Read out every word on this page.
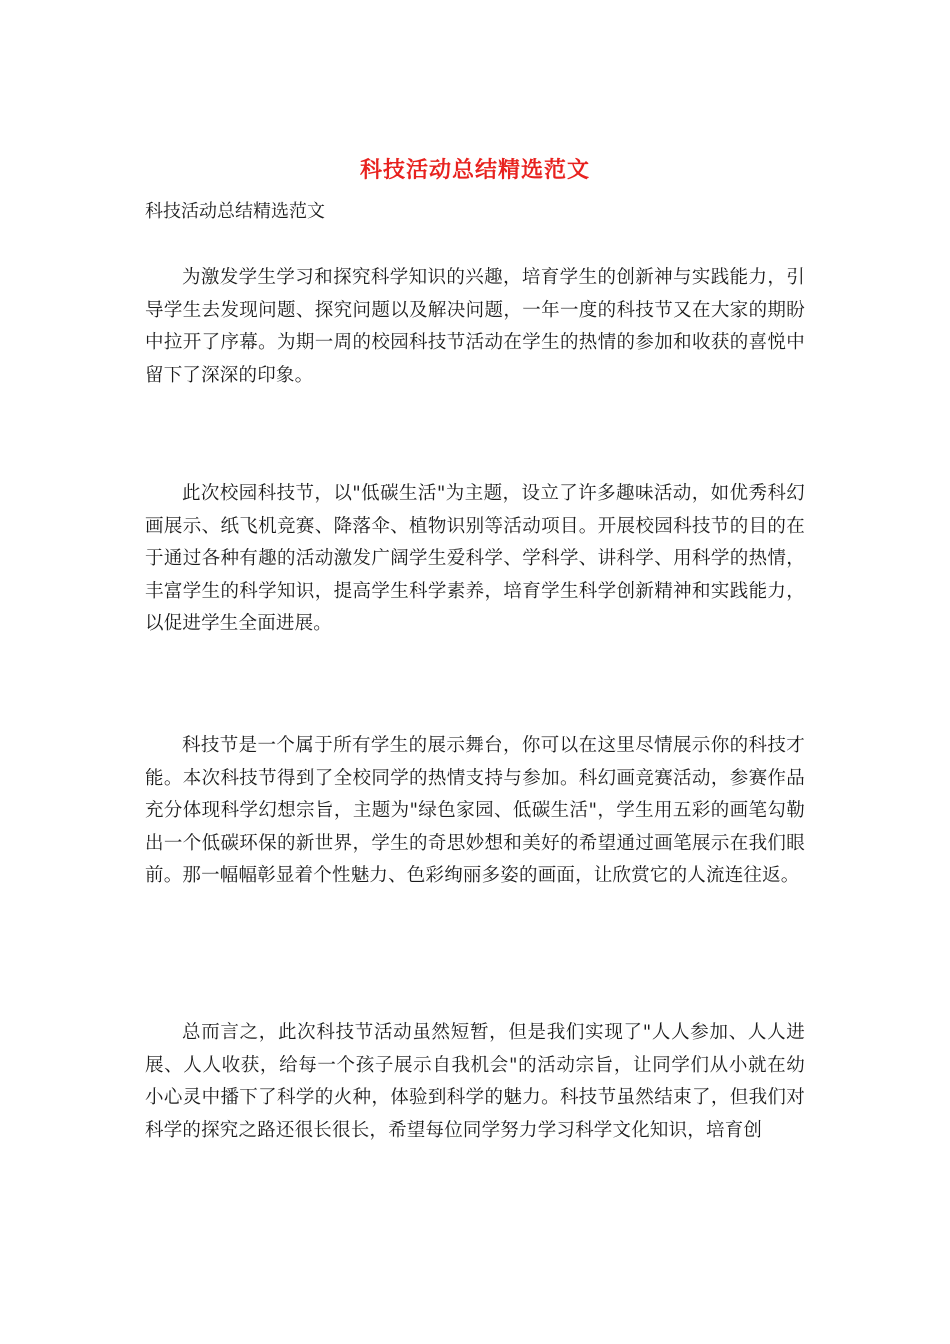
科技活动总结精选范文
科技活动总结精选范文

为激发学生学习和探究科学知识的兴趣，培育学生的创新神与实践能力，引导学生去发现问题、探究问题以及解决问题，一年一度的科技节又在大家的期盼中拉开了序幕。为期一周的校园科技节活动在学生的热情的参加和收获的喜悦中留下了深深的印象。

此次校园科技节，以"低碳生活"为主题，设立了许多趣味活动，如优秀科幻画展示、纸飞机竞赛、降落伞、植物识别等活动项目。开展校园科技节的目的在于通过各种有趣的活动激发广阔学生爱科学、学科学、讲科学、用科学的热情，丰富学生的科学知识，提高学生科学素养，培育学生科学创新精神和实践能力，以促进学生全面进展。

科技节是一个属于所有学生的展示舞台，你可以在这里尽情展示你的科技才能。本次科技节得到了全校同学的热情支持与参加。科幻画竞赛活动，参赛作品充分体现科学幻想宗旨，主题为"绿色家园、低碳生活"，学生用五彩的画笔勾勒出一个低碳环保的新世界，学生的奇思妙想和美好的希望通过画笔展示在我们眼前。那一幅幅彰显着个性魅力、色彩绚丽多姿的画面，让欣赏它的人流连往返。

总而言之，此次科技节活动虽然短暂，但是我们实现了"人人参加、人人进展、人人收获，给每一个孩子展示自我机会"的活动宗旨，让同学们从小就在幼小心灵中播下了科学的火种，体验到科学的魅力。科技节虽然结束了，但我们对科学的探究之路还很长很长，希望每位同学努力学习科学文化知识，培育创
